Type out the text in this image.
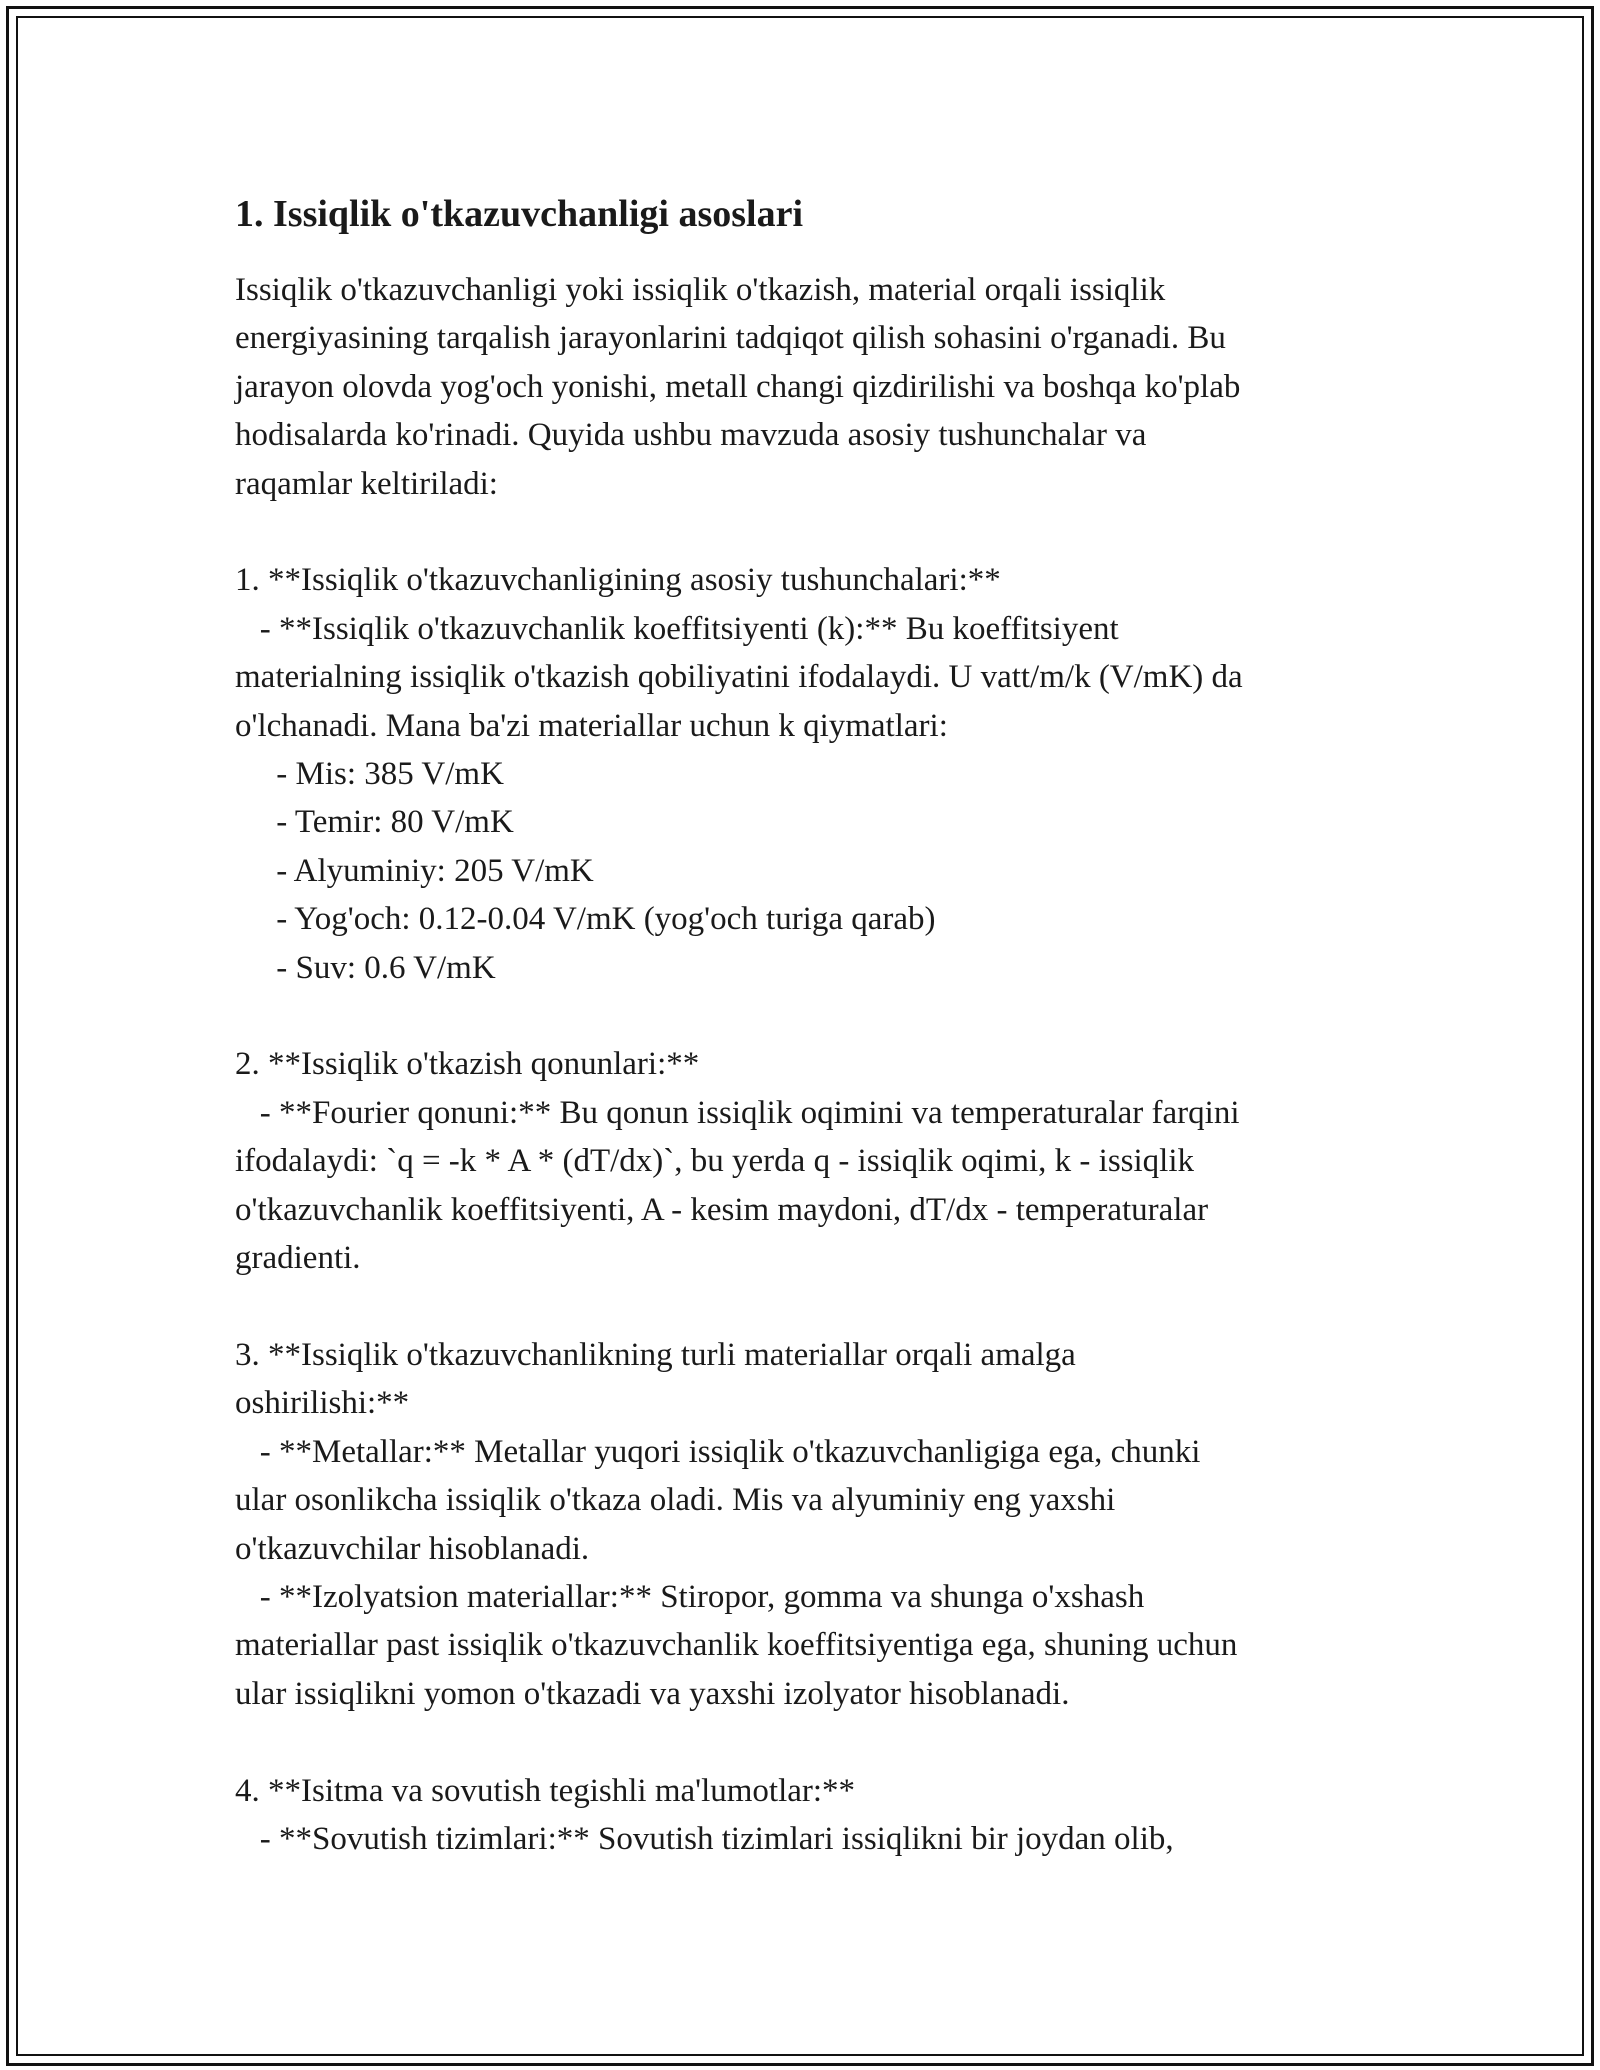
1. Issiqlik o'tkazuvchanligi asoslari

Issiqlik o'tkazuvchanligi yoki issiqlik o'tkazish, material orqali issiqlik

energiyasining tarqalish jarayonlarini tadqiqot qilish sohasini o'rganadi. Bu

jarayon olovda yog'och yonishi, metall changi qizdirilishi va boshqa ko'plab

hodisalarda ko'rinadi. Quyida ushbu mavzuda asosiy tushunchalar va

raqamlar keltiriladi:

1. **Issiqlik o'tkazuvchanligining asosiy tushunchalari:**

- **Issiqlik o'tkazuvchanlik koeffitsiyenti (k):** Bu koeffitsiyent

materialning issiqlik o'tkazish qobiliyatini ifodalaydi. U vatt/m/k (V/mK) da

o'lchanadi. Mana ba'zi materiallar uchun k qiymatlari:

- Mis: 385 V/mK

- Temir: 80 V/mK

- Alyuminiy: 205 V/mK

- Yog'och: 0.12-0.04 V/mK (yog'och turiga qarab)

- Suv: 0.6 V/mK

2. **Issiqlik o'tkazish qonunlari:**

- **Fourier qonuni:** Bu qonun issiqlik oqimini va temperaturalar farqini

ifodalaydi: `q = -k * A * (dT/dx)`, bu yerda q - issiqlik oqimi, k - issiqlik

o'tkazuvchanlik koeffitsiyenti, A - kesim maydoni, dT/dx - temperaturalar

gradienti.

3. **Issiqlik o'tkazuvchanlikning turli materiallar orqali amalga

oshirilishi:**

- **Metallar:** Metallar yuqori issiqlik o'tkazuvchanligiga ega, chunki

ular osonlikcha issiqlik o'tkaza oladi. Mis va alyuminiy eng yaxshi

o'tkazuvchilar hisoblanadi.

- **Izolyatsion materiallar:** Stiropor, gomma va shunga o'xshash

materiallar past issiqlik o'tkazuvchanlik koeffitsiyentiga ega, shuning uchun

ular issiqlikni yomon o'tkazadi va yaxshi izolyator hisoblanadi.

4. **Isitma va sovutish tegishli ma'lumotlar:**

- **Sovutish tizimlari:** Sovutish tizimlari issiqlikni bir joydan olib,
